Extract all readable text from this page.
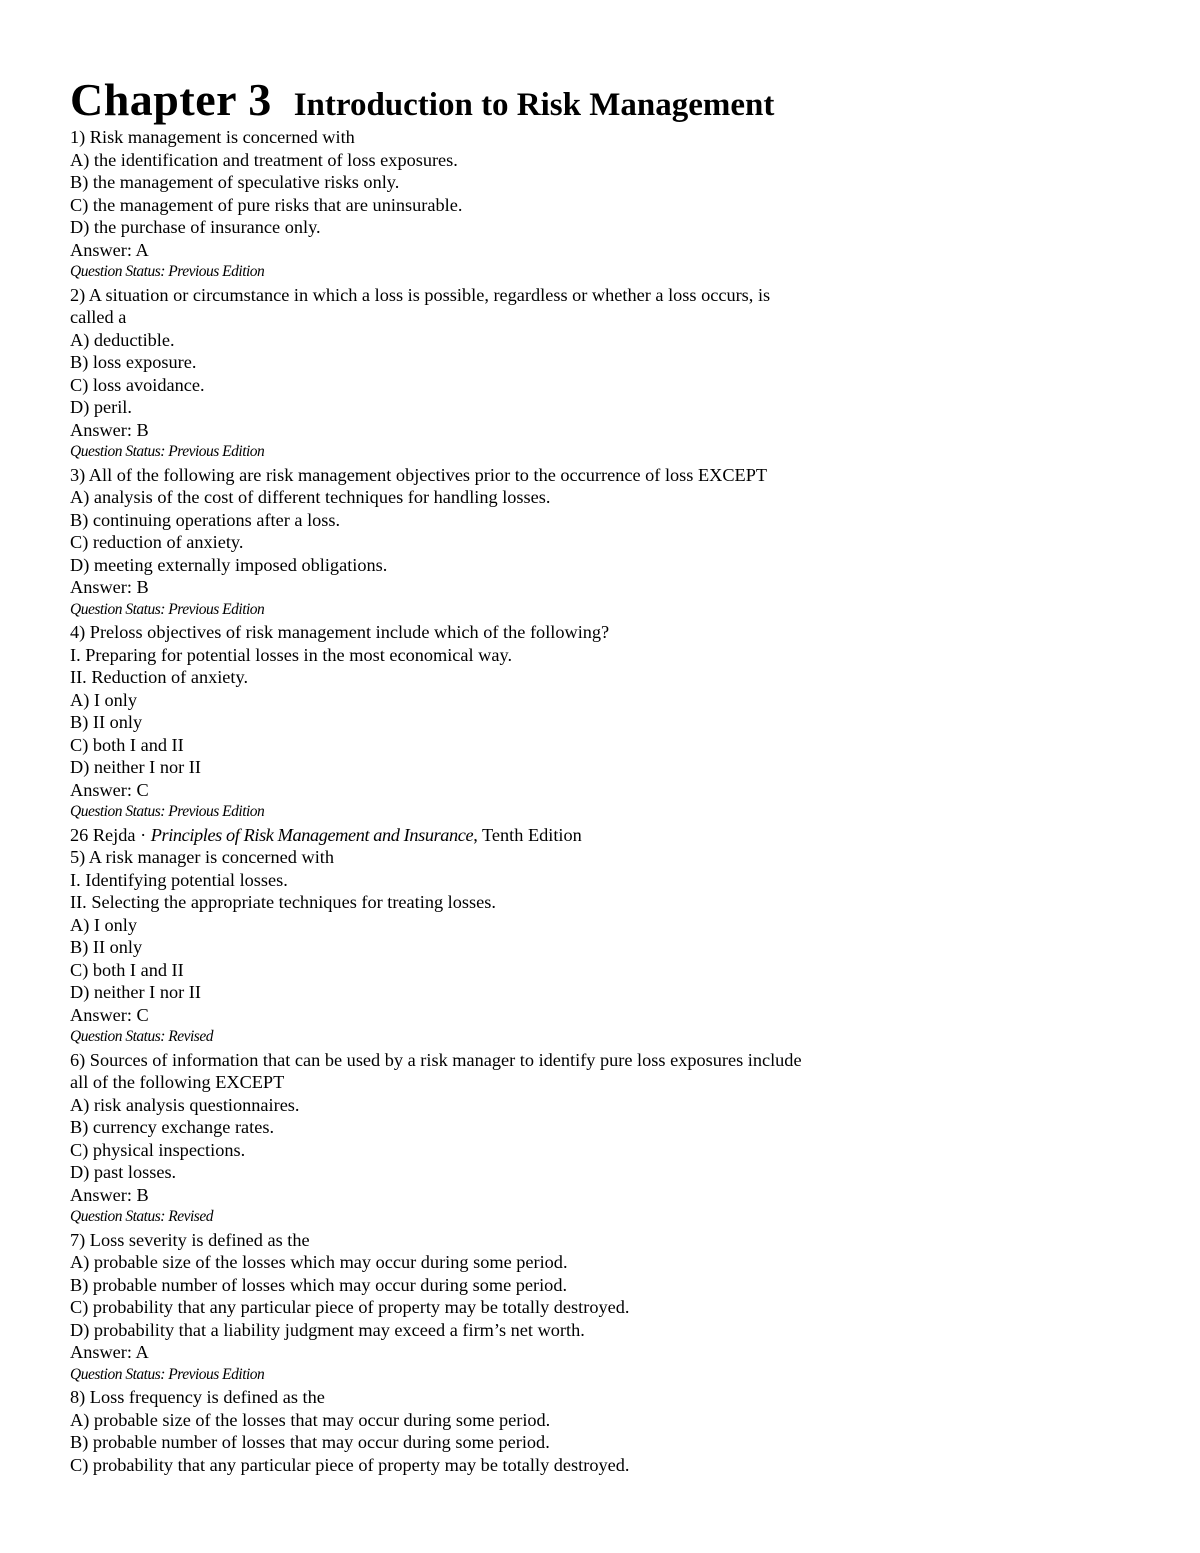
Chapter 3 Introduction to Risk Management
1) Risk management is concerned with
A) the identification and treatment of loss exposures.
B) the management of speculative risks only.
C) the management of pure risks that are uninsurable.
D) the purchase of insurance only.
Answer: A
Question Status: Previous Edition
2) A situation or circumstance in which a loss is possible, regardless or whether a loss occurs, is
called a
A) deductible.
B) loss exposure.
C) loss avoidance.
D) peril.
Answer: B
Question Status: Previous Edition
3) All of the following are risk management objectives prior to the occurrence of loss EXCEPT
A) analysis of the cost of different techniques for handling losses.
B) continuing operations after a loss.
C) reduction of anxiety.
D) meeting externally imposed obligations.
Answer: B
Question Status: Previous Edition
4) Preloss objectives of risk management include which of the following?
I. Preparing for potential losses in the most economical way.
II. Reduction of anxiety.
A) I only
B) II only
C) both I and II
D) neither I nor II
Answer: C
Question Status: Previous Edition
26 Rejda · Principles of Risk Management and Insurance, Tenth Edition
5) A risk manager is concerned with
I. Identifying potential losses.
II. Selecting the appropriate techniques for treating losses.
A) I only
B) II only
C) both I and II
D) neither I nor II
Answer: C
Question Status: Revised
6) Sources of information that can be used by a risk manager to identify pure loss exposures include
all of the following EXCEPT
A) risk analysis questionnaires.
B) currency exchange rates.
C) physical inspections.
D) past losses.
Answer: B
Question Status: Revised
7) Loss severity is defined as the
A) probable size of the losses which may occur during some period.
B) probable number of losses which may occur during some period.
C) probability that any particular piece of property may be totally destroyed.
D) probability that a liability judgment may exceed a firm’s net worth.
Answer: A
Question Status: Previous Edition
8) Loss frequency is defined as the
A) probable size of the losses that may occur during some period.
B) probable number of losses that may occur during some period.
C) probability that any particular piece of property may be totally destroyed.
